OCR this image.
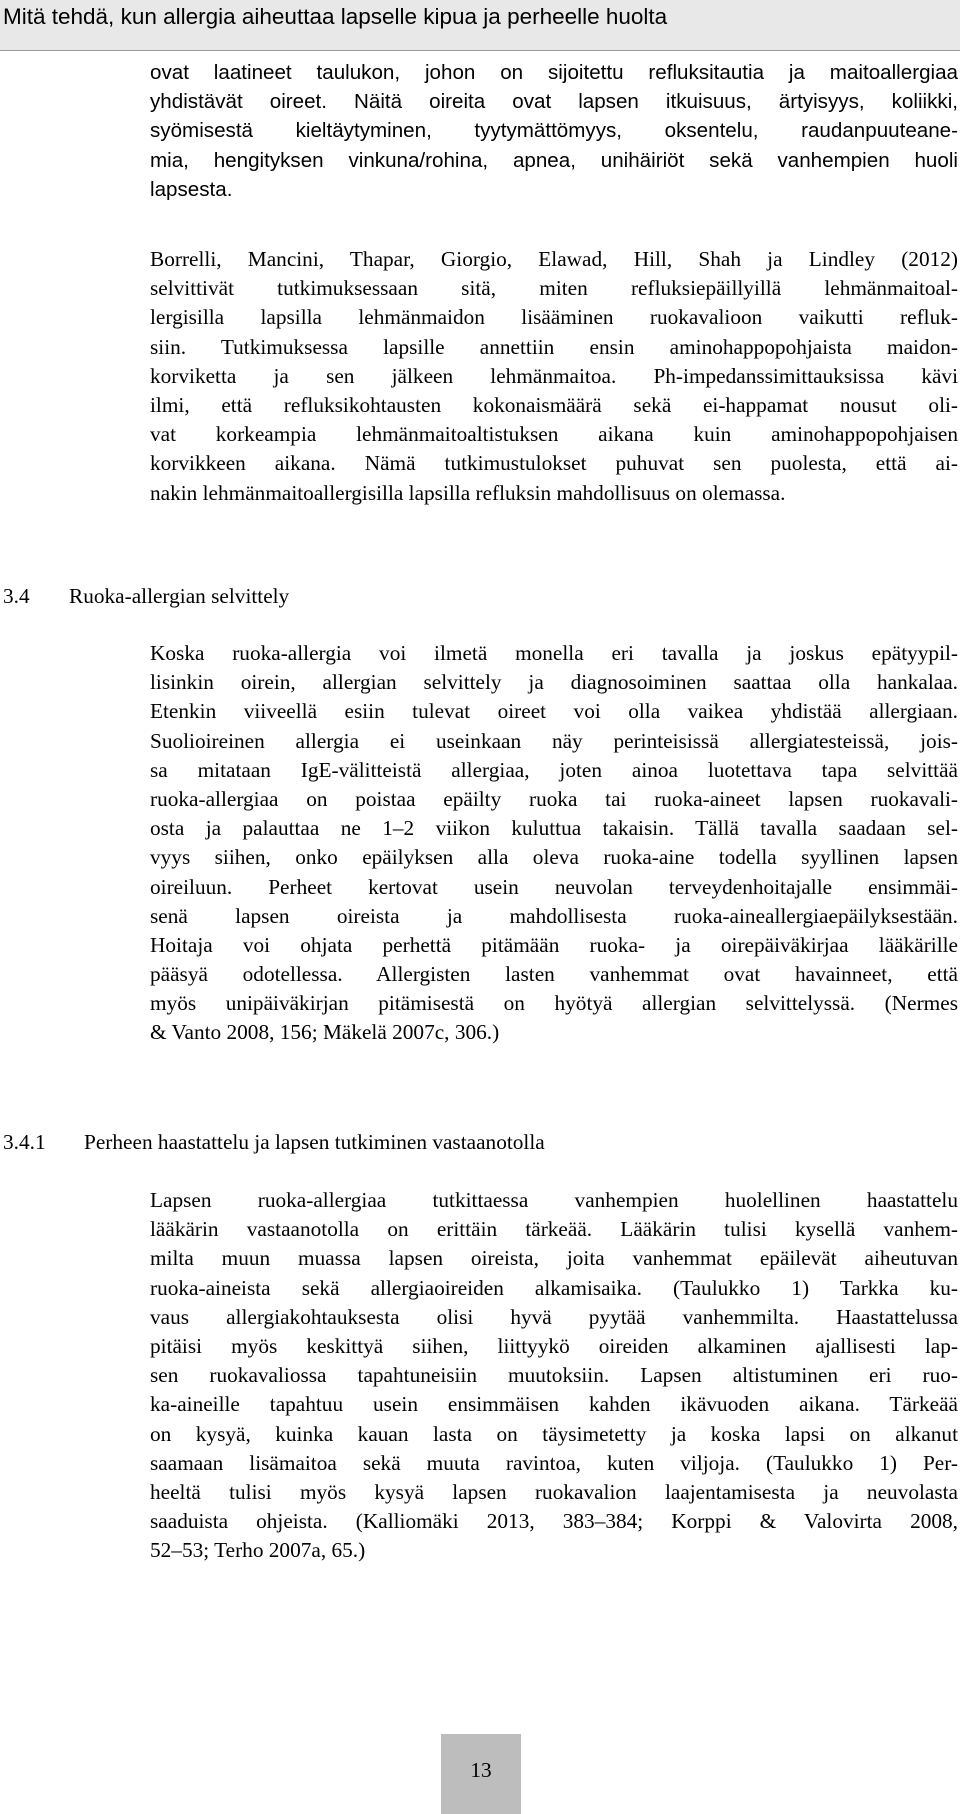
Mitä tehdä, kun allergia aiheuttaa lapselle kipua ja perheelle huolta
ovat laatineet taulukon, johon on sijoitettu refluksitautia ja maitoallergiaa
yhdistävät oireet. Näitä oireita ovat lapsen itkuisuus, ärtyisyys, koliikki,
syömisestä kieltäytyminen, tyytymättömyys, oksentelu, raudanpuuteane-
mia, hengityksen vinkuna/rohina, apnea, unihäiriöt sekä vanhempien huoli
lapsesta.
Borrelli, Mancini, Thapar, Giorgio, Elawad, Hill, Shah ja Lindley (2012)
selvittivät tutkimuksessaan sitä, miten refluksiepäillyillä lehmänmaitoal-
lergisilla lapsilla lehmänmaidon lisääminen ruokavalioon vaikutti refluk-
siin. Tutkimuksessa lapsille annettiin ensin aminohappopohjaista maidon-
korviketta ja sen jälkeen lehmänmaitoa. Ph-impedanssimittauksissa kävi
ilmi, että refluksikohtausten kokonaismäärä sekä ei-happamat nousut oli-
vat korkeampia lehmänmaitoaltistuksen aikana kuin aminohappopohjaisen
korvikkeen aikana. Nämä tutkimustulokset puhuvat sen puolesta, että ai-
nakin lehmänmaitoallergisilla lapsilla refluksin mahdollisuus on olemassa.
3.4 Ruoka-allergian selvittely
Koska ruoka-allergia voi ilmetä monella eri tavalla ja joskus epätyypil-
lisinkin oirein, allergian selvittely ja diagnosoiminen saattaa olla hankalaa.
Etenkin viiveellä esiin tulevat oireet voi olla vaikea yhdistää allergiaan.
Suolioireinen allergia ei useinkaan näy perinteisissä allergiatesteissä, jois-
sa mitataan IgE-välitteistä allergiaa, joten ainoa luotettava tapa selvittää
ruoka-allergiaa on poistaa epäilty ruoka tai ruoka-aineet lapsen ruokavali-
osta ja palauttaa ne 1–2 viikon kuluttua takaisin. Tällä tavalla saadaan sel-
vyys siihen, onko epäilyksen alla oleva ruoka-aine todella syyllinen lapsen
oireiluun. Perheet kertovat usein neuvolan terveydenhoitajalle ensimmäi-
senä lapsen oireista ja mahdollisesta ruoka-aineallergiaepäilyksestään.
Hoitaja voi ohjata perhettä pitämään ruoka- ja oirepäiväkirjaa lääkärille
pääsyä odotellessa. Allergisten lasten vanhemmat ovat havainneet, että
myös unipäiväkirjan pitämisestä on hyötyä allergian selvittelyssä. (Nermes
& Vanto 2008, 156; Mäkelä 2007c, 306.)
3.4.1 Perheen haastattelu ja lapsen tutkiminen vastaanotolla
Lapsen ruoka-allergiaa tutkittaessa vanhempien huolellinen haastattelu
lääkärin vastaanotolla on erittäin tärkeää. Lääkärin tulisi kysellä vanhem-
milta muun muassa lapsen oireista, joita vanhemmat epäilevät aiheutuvan
ruoka-aineista sekä allergiaoireiden alkamisaika. (Taulukko 1) Tarkka ku-
vaus allergiakohtauksesta olisi hyvä pyytää vanhemmilta. Haastattelussa
pitäisi myös keskittyä siihen, liittyykö oireiden alkaminen ajallisesti lap-
sen ruokavaliossa tapahtuneisiin muutoksiin. Lapsen altistuminen eri ruo-
ka-aineille tapahtuu usein ensimmäisen kahden ikävuoden aikana. Tärkeää
on kysyä, kuinka kauan lasta on täysimetetty ja koska lapsi on alkanut
saamaan lisämaitoa sekä muuta ravintoa, kuten viljoja. (Taulukko 1) Per-
heeltä tulisi myös kysyä lapsen ruokavalion laajentamisesta ja neuvolasta
saaduista ohjeista. (Kalliomäki 2013, 383–384; Korppi & Valovirta 2008,
52–53; Terho 2007a, 65.)
13
